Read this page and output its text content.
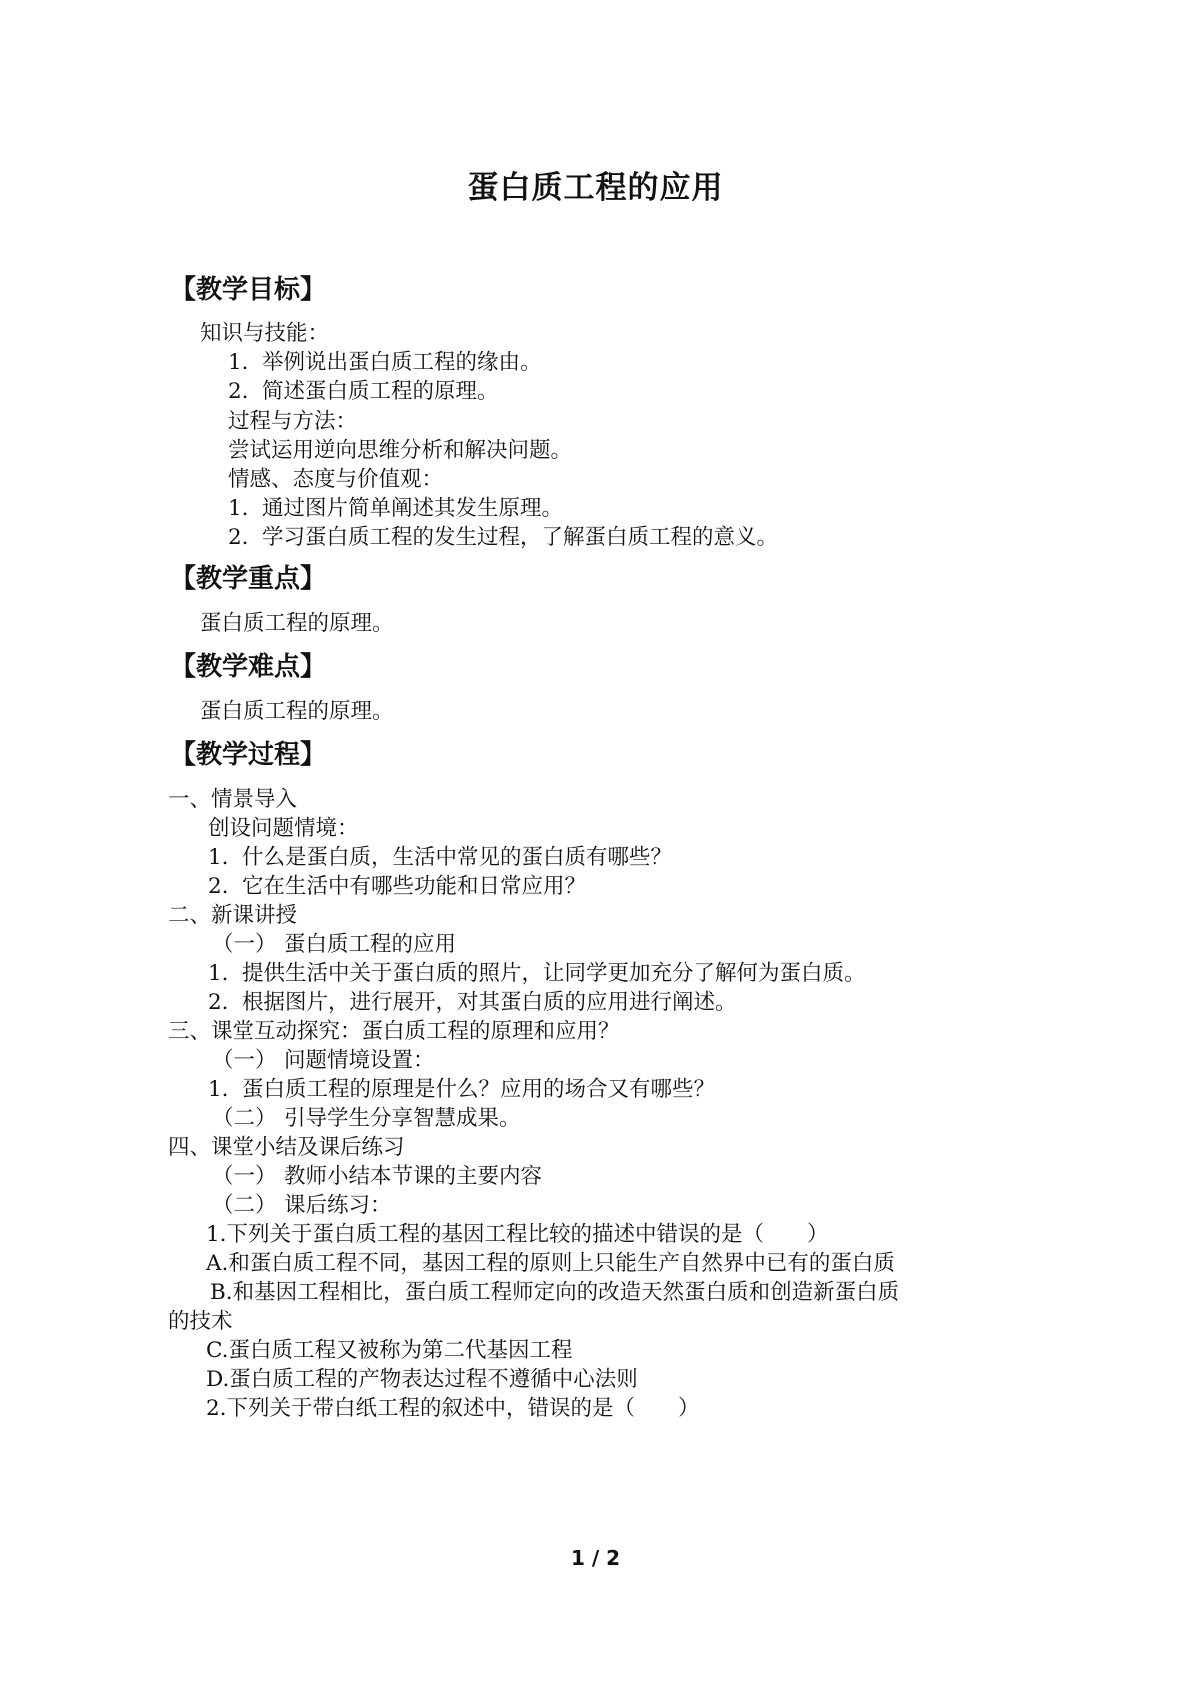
蛋白质工程的应用
【教学目标】
知识与技能：
1. 举例说出蛋白质工程的缘由。
2. 简述蛋白质工程的原理。
过程与方法：
尝试运用逆向思维分析和解决问题。
情感、态度与价值观：
1. 通过图片简单阐述其发生原理。
2. 学习蛋白质工程的发生过程，了解蛋白质工程的意义。
【教学重点】
蛋白质工程的原理。
【教学难点】
蛋白质工程的原理。
【教学过程】
一、情景导入
创设问题情境：
1. 什么是蛋白质，生活中常见的蛋白质有哪些？
2. 它在生活中有哪些功能和日常应用？
二、新课讲授
（一） 蛋白质工程的应用
1. 提供生活中关于蛋白质的照片，让同学更加充分了解何为蛋白质。
2. 根据图片，进行展开，对其蛋白质的应用进行阐述。
三、课堂互动探究：蛋白质工程的原理和应用？
（一） 问题情境设置：
1. 蛋白质工程的原理是什么？应用的场合又有哪些？
（二） 引导学生分享智慧成果。
四、课堂小结及课后练习
（一） 教师小结本节课的主要内容
（二） 课后练习：
1.下列关于蛋白质工程的基因工程比较的描述中错误的是（　　）
A.和蛋白质工程不同，基因工程的原则上只能生产自然界中已有的蛋白质
B.和基因工程相比，蛋白质工程师定向的改造天然蛋白质和创造新蛋白质
的技术
C.蛋白质工程又被称为第二代基因工程
D.蛋白质工程的产物表达过程不遵循中心法则
2.下列关于带白纸工程的叙述中，错误的是（　　）
1 / 2
